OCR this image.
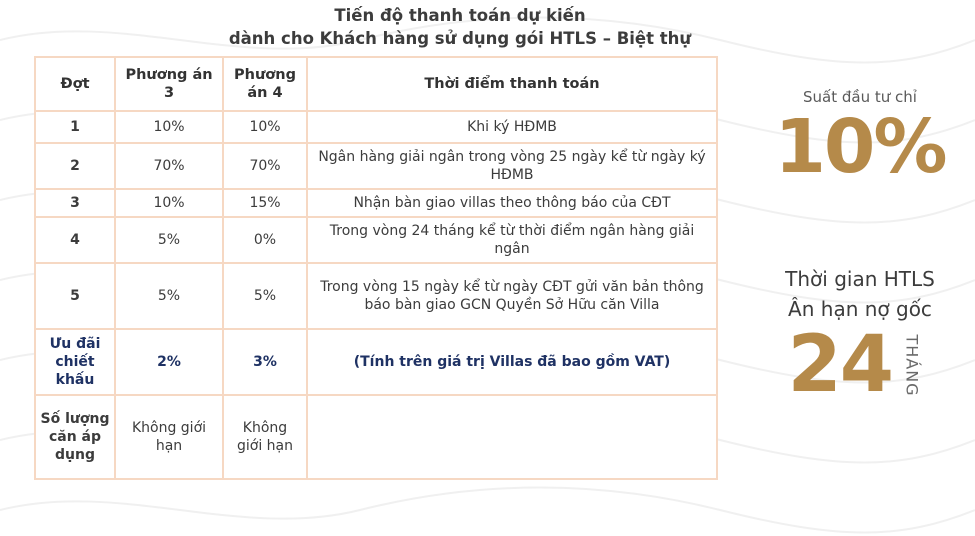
Tiến độ thanh toán dự kiến
dành cho Khách hàng sử dụng gói HTLS – Biệt thự
Đợt	Phương án 3	Phương án 4	Thời điểm thanh toán
1	10%	10%	Khi ký HĐMB
2	70%	70%	Ngân hàng giải ngân trong vòng 25 ngày kể từ ngày ký HĐMB
3	10%	15%	Nhận bàn giao villas theo thông báo của CĐT
4	5%	0%	Trong vòng 24 tháng kể từ thời điểm ngân hàng giải ngân
5	5%	5%	Trong vòng 15 ngày kể từ ngày CĐT gửi văn bản thông báo bàn giao GCN Quyền Sở Hữu căn Villa
Ưu đãi chiết khấu	2%	3%	(Tính trên giá trị Villas đã bao gồm VAT)
Số lượng căn áp dụng	Không giới hạn	Không giới hạn	
Suất đầu tư chỉ
10%
Thời gian HTLS
Ân hạn nợ gốc
24 THÁNG
